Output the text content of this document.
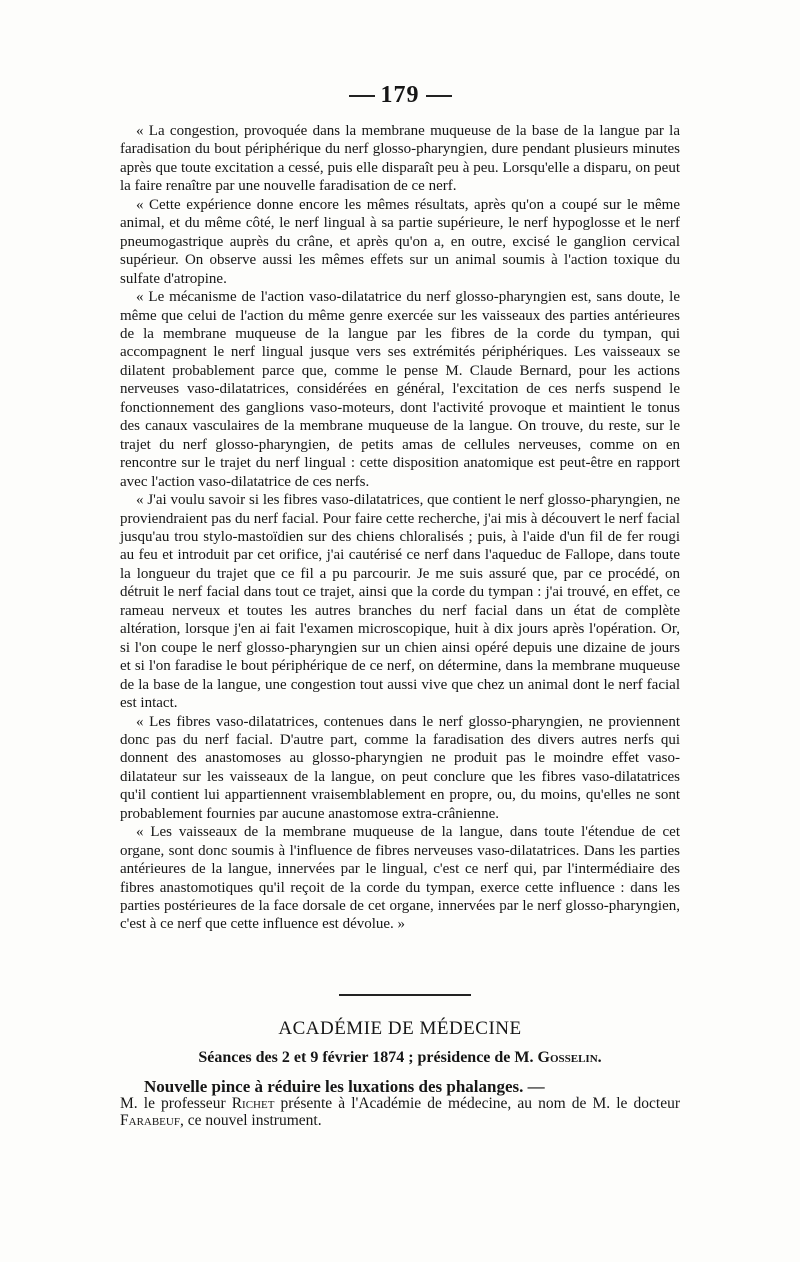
179

« La congestion, provoquée dans la membrane muqueuse de la base de la langue par la faradisation du bout périphérique du nerf glosso-pharyngien, dure pendant plusieurs minutes après que toute excitation a cessé, puis elle disparaît peu à peu. Lorsqu'elle a disparu, on peut la faire renaître par une nouvelle faradisation de ce nerf.

« Cette expérience donne encore les mêmes résultats, après qu'on a coupé sur le même animal, et du même côté, le nerf lingual à sa partie supérieure, le nerf hypoglosse et le nerf pneumogastrique auprès du crâne, et après qu'on a, en outre, excisé le ganglion cervical supérieur. On observe aussi les mêmes effets sur un animal soumis à l'action toxique du sulfate d'atropine.

« Le mécanisme de l'action vaso-dilatatrice du nerf glosso-pharyngien est, sans doute, le même que celui de l'action du même genre exercée sur les vaisseaux des parties antérieures de la membrane muqueuse de la langue par les fibres de la corde du tympan, qui accompagnent le nerf lingual jusque vers ses extrémités périphériques. Les vaisseaux se dilatent probablement parce que, comme le pense M. Claude Bernard, pour les actions nerveuses vaso-dilatatrices, considérées en général, l'excitation de ces nerfs suspend le fonctionnement des ganglions vaso-moteurs, dont l'activité provoque et maintient le tonus des canaux vasculaires de la membrane muqueuse de la langue. On trouve, du reste, sur le trajet du nerf glosso-pharyngien, de petits amas de cellules nerveuses, comme on en rencontre sur le trajet du nerf lingual : cette disposition anatomique est peut-être en rapport avec l'action vaso-dilatatrice de ces nerfs.

« J'ai voulu savoir si les fibres vaso-dilatatrices, que contient le nerf glosso-pharyngien, ne proviendraient pas du nerf facial. Pour faire cette recherche, j'ai mis à découvert le nerf facial jusqu'au trou stylo-mastoïdien sur des chiens chloralisés ; puis, à l'aide d'un fil de fer rougi au feu et introduit par cet orifice, j'ai cautérisé ce nerf dans l'aqueduc de Fallope, dans toute la longueur du trajet que ce fil a pu parcourir. Je me suis assuré que, par ce procédé, on détruit le nerf facial dans tout ce trajet, ainsi que la corde du tympan : j'ai trouvé, en effet, ce rameau nerveux et toutes les autres branches du nerf facial dans un état de complète altération, lorsque j'en ai fait l'examen microscopique, huit à dix jours après l'opération. Or, si l'on coupe le nerf glosso-pharyngien sur un chien ainsi opéré depuis une dizaine de jours et si l'on faradise le bout périphérique de ce nerf, on détermine, dans la membrane muqueuse de la base de la langue, une congestion tout aussi vive que chez un animal dont le nerf facial est intact.

« Les fibres vaso-dilatatrices, contenues dans le nerf glosso-pharyngien, ne proviennent donc pas du nerf facial. D'autre part, comme la faradisation des divers autres nerfs qui donnent des anastomoses au glosso-pharyngien ne produit pas le moindre effet vaso-dilatateur sur les vaisseaux de la langue, on peut conclure que les fibres vaso-dilatatrices qu'il contient lui appartiennent vraisemblablement en propre, ou, du moins, qu'elles ne sont probablement fournies par aucune anastomose extra-crânienne.

« Les vaisseaux de la membrane muqueuse de la langue, dans toute l'étendue de cet organe, sont donc soumis à l'influence de fibres nerveuses vaso-dilatatrices. Dans les parties antérieures de la langue, innervées par le lingual, c'est ce nerf qui, par l'intermédiaire des fibres anastomotiques qu'il reçoit de la corde du tympan, exerce cette influence : dans les parties postérieures de la face dorsale de cet organe, innervées par le nerf glosso-pharyngien, c'est à ce nerf que cette influence est dévolue. »

ACADÉMIE DE MÉDECINE
Séances des 2 et 9 février 1874 ; présidence de M. Gosselin.
Nouvelle pince à réduire les luxations des phalanges. —
M. le professeur Richet présente à l'Académie de médecine, au nom de M. le docteur Farabeuf, ce nouvel instrument.
